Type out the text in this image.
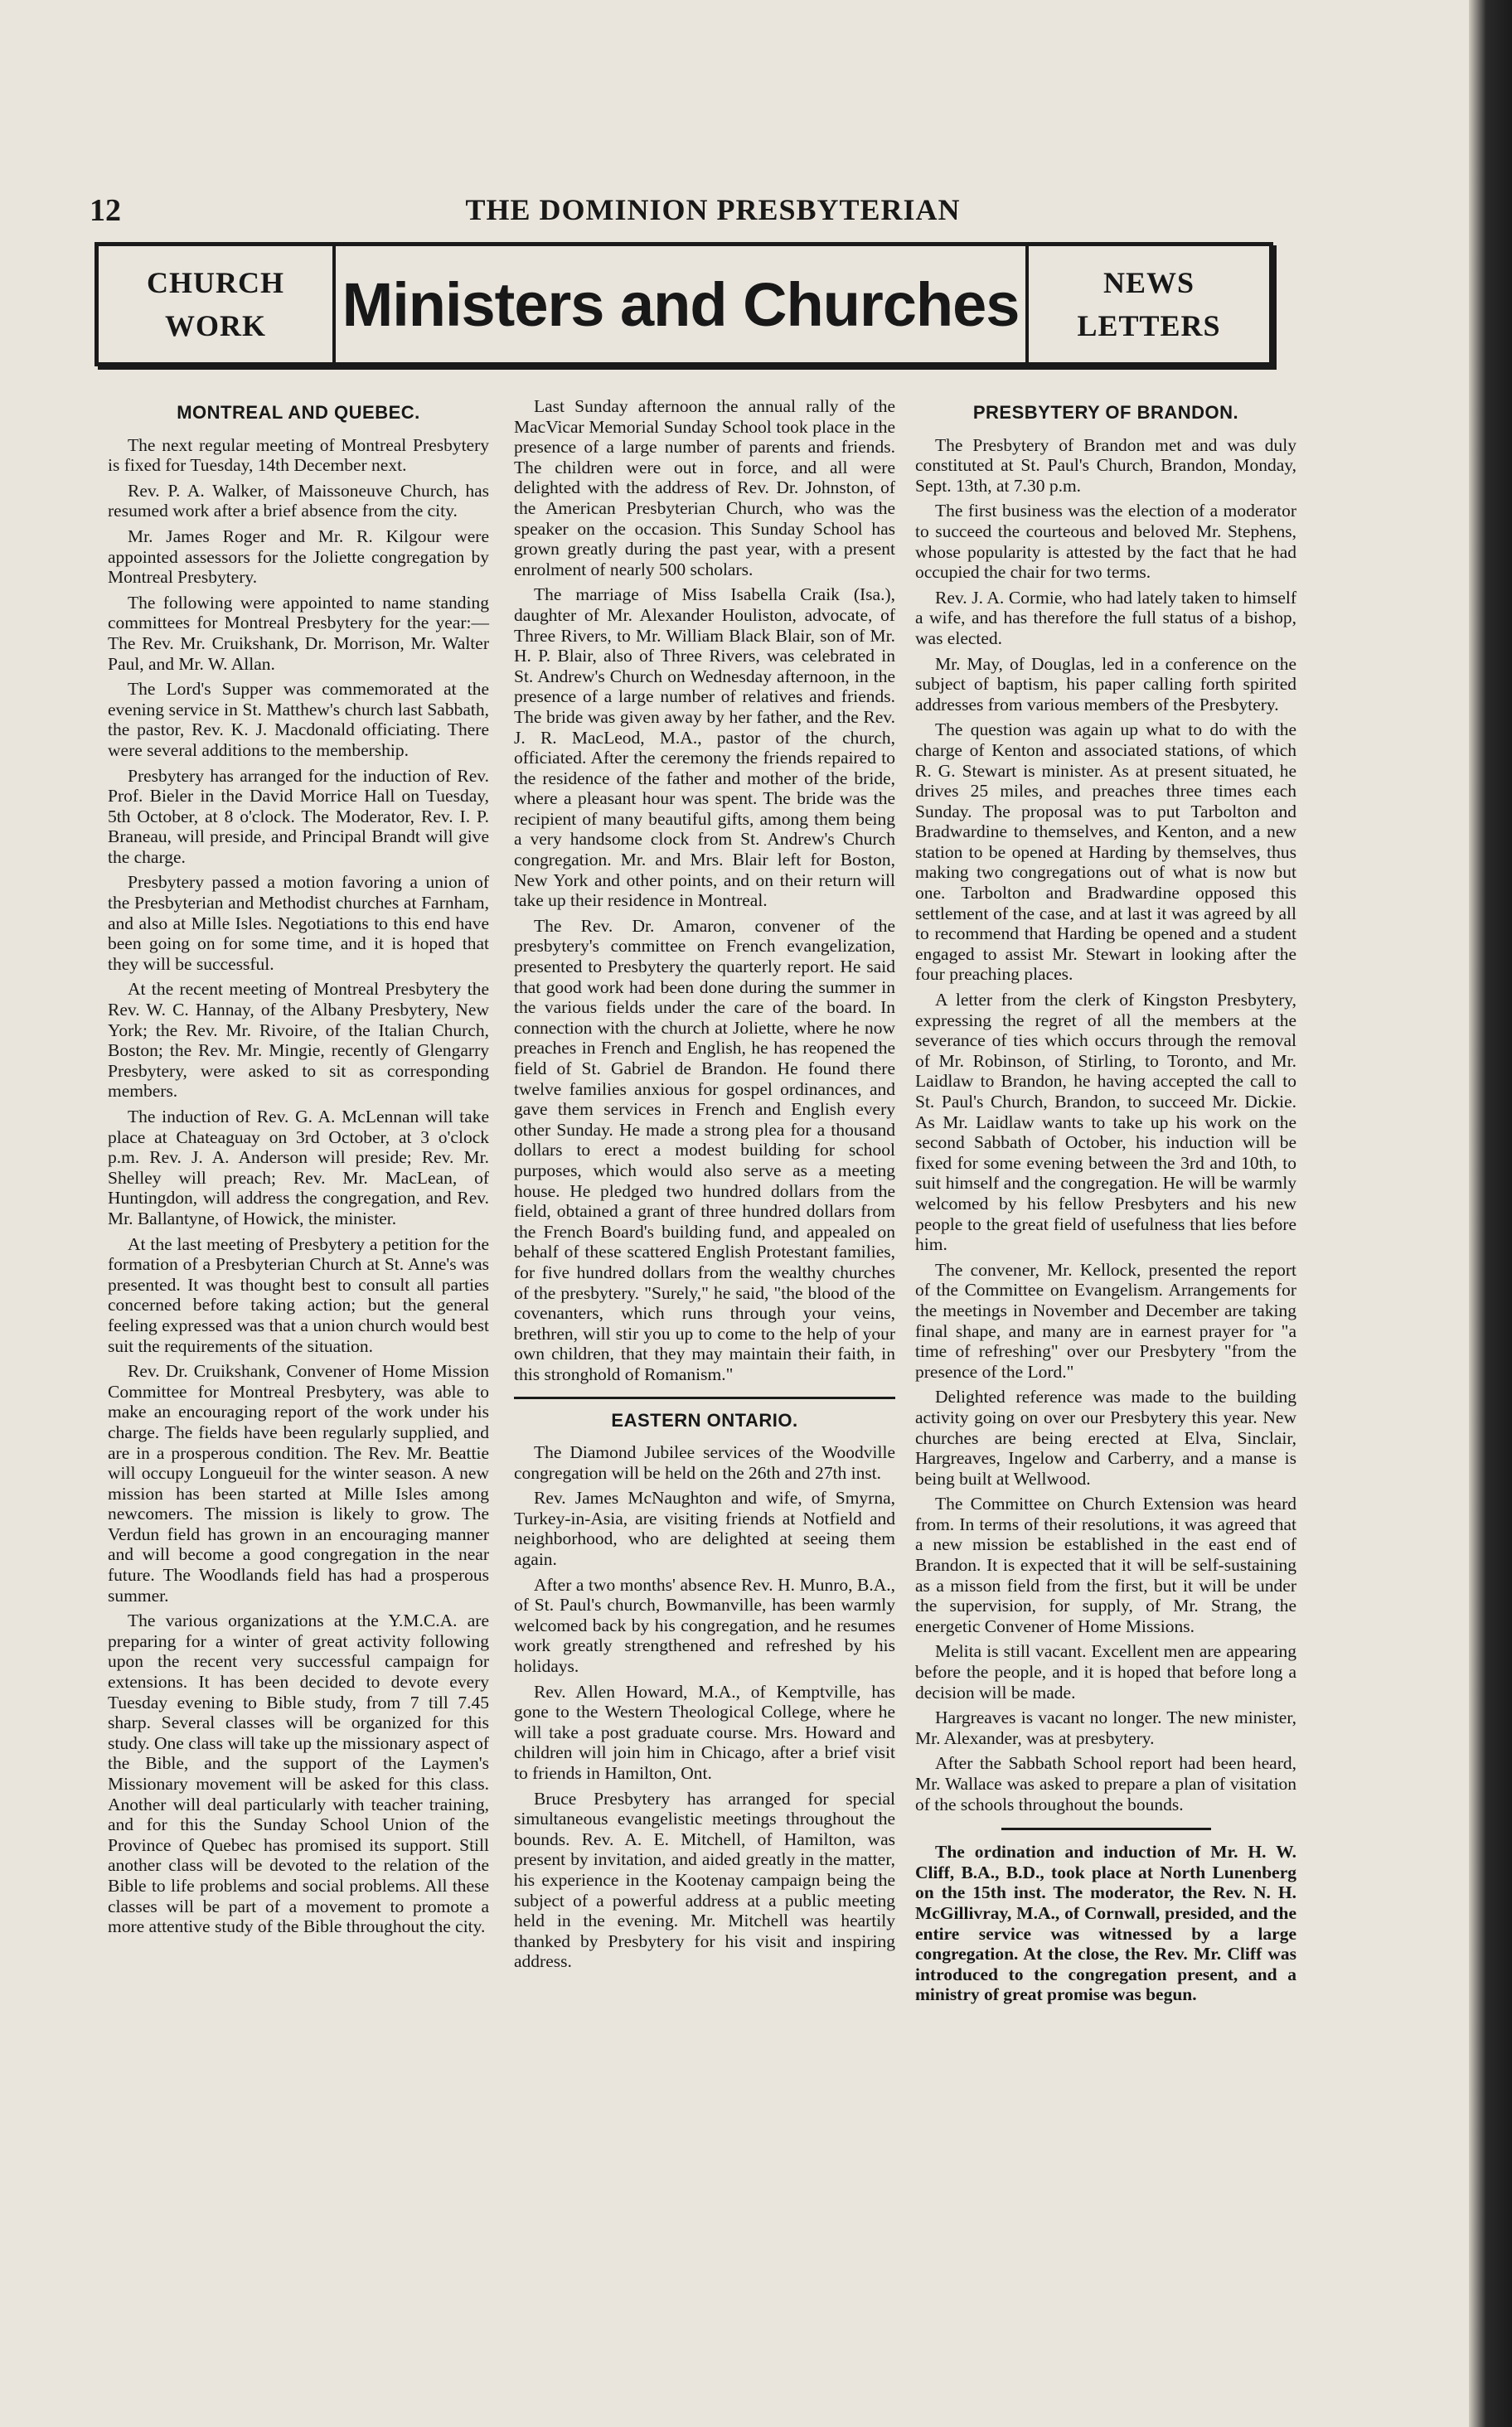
12	THE DOMINION PRESBYTERIAN
CHURCH
WORK Ministers and Churches	NEWS
LETTERS
MONTREAL AND QUEBEC.

The next regular meeting of Montreal Presbytery is fixed for Tuesday, 14th December next.

Rev. P. A. Walker, of Maissoneuve Church, has resumed work after a brief absence from the city.

Mr. James Roger and Mr. R. Kilgour were appointed assessors for the Joliette congregation by Montreal Presbytery.

The following were appointed to name standing committees for Montreal Presbytery for the year:—The Rev. Mr. Cruikshank, Dr. Morrison, Mr. Walter Paul, and Mr. W. Allan.

The Lord's Supper was commemorated at the evening service in St. Matthew's church last Sabbath, the pastor, Rev. K. J. Macdonald officiating. There were several additions to the membership.

Presbytery has arranged for the induction of Rev. Prof. Bieler in the David Morrice Hall on Tuesday, 5th October, at 8 o'clock. The Moderator, Rev. I. P. Braneau, will preside, and Principal Brandt will give the charge.

Presbytery passed a motion favoring a union of the Presbyterian and Methodist churches at Farnham, and also at Mille Isles. Negotiations to this end have been going on for some time, and it is hoped that they will be successful.

At the recent meeting of Montreal Presbytery the Rev. W. C. Hannay, of the Albany Presbytery, New York; the Rev. Mr. Rivoire, of the Italian Church, Boston; the Rev. Mr. Mingie, recently of Glengarry Presbytery, were asked to sit as corresponding members.

The induction of Rev. G. A. McLennan will take place at Chateaguay on 3rd October, at 3 o'clock p.m. Rev. J. A. Anderson will preside; Rev. Mr. Shelley will preach; Rev. Mr. MacLean, of Huntingdon, will address the congregation, and Rev. Mr. Ballantyne, of Howick, the minister.

At the last meeting of Presbytery a petition for the formation of a Presbyterian Church at St. Anne's was presented. It was thought best to consult all parties concerned before taking action; but the general feeling expressed was that a union church would best suit the requirements of the situation.

Rev. Dr. Cruikshank, Convener of Home Mission Committee for Montreal Presbytery, was able to make an encouraging report of the work under his charge. The fields have been regularly supplied, and are in a prosperous condition. The Rev. Mr. Beattie will occupy Longueuil for the winter season. A new mission has been started at Mille Isles among newcomers. The mission is likely to grow. The Verdun field has grown in an encouraging manner and will become a good congregation in the near future. The Woodlands field has had a prosperous summer.

The various organizations at the Y.M.C.A. are preparing for a winter of great activity following upon the recent very successful campaign for extensions. It has been decided to devote every Tuesday evening to Bible study, from 7 till 7.45 sharp. Several classes will be organized for this study. One class will take up the missionary aspect of the Bible, and the support of the Laymen's Missionary movement will be asked for this class. Another will deal particularly with teacher training, and for this the Sunday School Union of the Province of Quebec has promised its support. Still another class will be devoted to the relation of the Bible to life problems and social problems. All these classes will be part of a movement to promote a more attentive study of the Bible throughout the city.

Last Sunday afternoon the annual rally of the MacVicar Memorial Sunday School took place in the presence of a large number of parents and friends. The children were out in force, and all were delighted with the address of Rev. Dr. Johnston, of the American Presbyterian Church, who was the speaker on the occasion. This Sunday School has grown greatly during the past year, with a present enrolment of nearly 500 scholars.

The marriage of Miss Isabella Craik (Isa.), daughter of Mr. Alexander Houliston, advocate, of Three Rivers, to Mr. William Black Blair, son of Mr. H. P. Blair, also of Three Rivers, was celebrated in St. Andrew's Church on Wednesday afternoon, in the presence of a large number of relatives and friends. The bride was given away by her father, and the Rev. J. R. MacLeod, M.A., pastor of the church, officiated. After the ceremony the friends repaired to the residence of the father and mother of the bride, where a pleasant hour was spent. The bride was the recipient of many beautiful gifts, among them being a very handsome clock from St. Andrew's Church congregation. Mr. and Mrs. Blair left for Boston, New York and other points, and on their return will take up their residence in Montreal.

The Rev. Dr. Amaron, convener of the presbytery's committee on French evangelization, presented to Presbytery the quarterly report. He said that good work had been done during the summer in the various fields under the care of the board. In connection with the church at Joliette, where he now preaches in French and English, he has reopened the field of St. Gabriel de Brandon. He found there twelve families anxious for gospel ordinances, and gave them services in French and English every other Sunday. He made a strong plea for a thousand dollars to erect a modest building for school purposes, which would also serve as a meeting house. He pledged two hundred dollars from the field, obtained a grant of three hundred dollars from the French Board's building fund, and appealed on behalf of these scattered English Protestant families, for five hundred dollars from the wealthy churches of the presbytery. "Surely," he said, "the blood of the covenanters, which runs through your veins, brethren, will stir you up to come to the help of your own children, that they may maintain their faith, in this stronghold of Romanism."

EASTERN ONTARIO.

The Diamond Jubilee services of the Woodville congregation will be held on the 26th and 27th inst.

Rev. James McNaughton and wife, of Smyrna, Turkey-in-Asia, are visiting friends at Notfield and neighborhood, who are delighted at seeing them again.

After a two months' absence Rev. H. Munro, B.A., of St. Paul's church, Bowmanville, has been warmly welcomed back by his congregation, and he resumes work greatly strengthened and refreshed by his holidays.

Rev. Allen Howard, M.A., of Kemptville, has gone to the Western Theological College, where he will take a post graduate course. Mrs. Howard and children will join him in Chicago, after a brief visit to friends in Hamilton, Ont.

Bruce Presbytery has arranged for special simultaneous evangelistic meetings throughout the bounds. Rev. A. E. Mitchell, of Hamilton, was present by invitation, and aided greatly in the matter, his experience in the Kootenay campaign being the subject of a powerful address at a public meeting held in the evening. Mr. Mitchell was heartily thanked by Presbytery for his visit and inspiring address.

PRESBYTERY OF BRANDON.

The Presbytery of Brandon met and was duly constituted at St. Paul's Church, Brandon, Monday, Sept. 13th, at 7.30 p.m.

The first business was the election of a moderator to succeed the courteous and beloved Mr. Stephens, whose popularity is attested by the fact that he had occupied the chair for two terms.

Rev. J. A. Cormie, who had lately taken to himself a wife, and has therefore the full status of a bishop, was elected.

Mr. May, of Douglas, led in a conference on the subject of baptism, his paper calling forth spirited addresses from various members of the Presbytery.

The question was again up what to do with the charge of Kenton and associated stations, of which R. G. Stewart is minister. As at present situated, he drives 25 miles, and preaches three times each Sunday. The proposal was to put Tarbolton and Bradwardine to themselves, and Kenton, and a new station to be opened at Harding by themselves, thus making two congregations out of what is now but one. Tarbolton and Bradwardine opposed this settlement of the case, and at last it was agreed by all to recommend that Harding be opened and a student engaged to assist Mr. Stewart in looking after the four preaching places.

A letter from the clerk of Kingston Presbytery, expressing the regret of all the members at the severance of ties which occurs through the removal of Mr. Robinson, of Stirling, to Toronto, and Mr. Laidlaw to Brandon, he having accepted the call to St. Paul's Church, Brandon, to succeed Mr. Dickie. As Mr. Laidlaw wants to take up his work on the second Sabbath of October, his induction will be fixed for some evening between the 3rd and 10th, to suit himself and the congregation. He will be warmly welcomed by his fellow Presbyters and his new people to the great field of usefulness that lies before him.

The convener, Mr. Kellock, presented the report of the Committee on Evangelism. Arrangements for the meetings in November and December are taking final shape, and many are in earnest prayer for "a time of refreshing" over our Presbytery "from the presence of the Lord."

Delighted reference was made to the building activity going on over our Presbytery this year. New churches are being erected at Elva, Sinclair, Hargreaves, Ingelow and Carberry, and a manse is being built at Wellwood.

The Committee on Church Extension was heard from. In terms of their resolutions, it was agreed that a new mission be established in the east end of Brandon. It is expected that it will be self-sustaining as a misson field from the first, but it will be under the supervision, for supply, of Mr. Strang, the energetic Convener of Home Missions.

Melita is still vacant. Excellent men are appearing before the people, and it is hoped that before long a decision will be made.

Hargreaves is vacant no longer. The new minister, Mr. Alexander, was at presbytery.

After the Sabbath School report had been heard, Mr. Wallace was asked to prepare a plan of visitation of the schools throughout the bounds.

The ordination and induction of Mr. H. W. Cliff, B.A., B.D., took place at North Lunenberg on the 15th inst. The moderator, the Rev. N. H. McGillivray, M.A., of Cornwall, presided, and the entire service was witnessed by a large congregation. At the close, the Rev. Mr. Cliff was introduced to the congregation present, and a ministry of great promise was begun.
